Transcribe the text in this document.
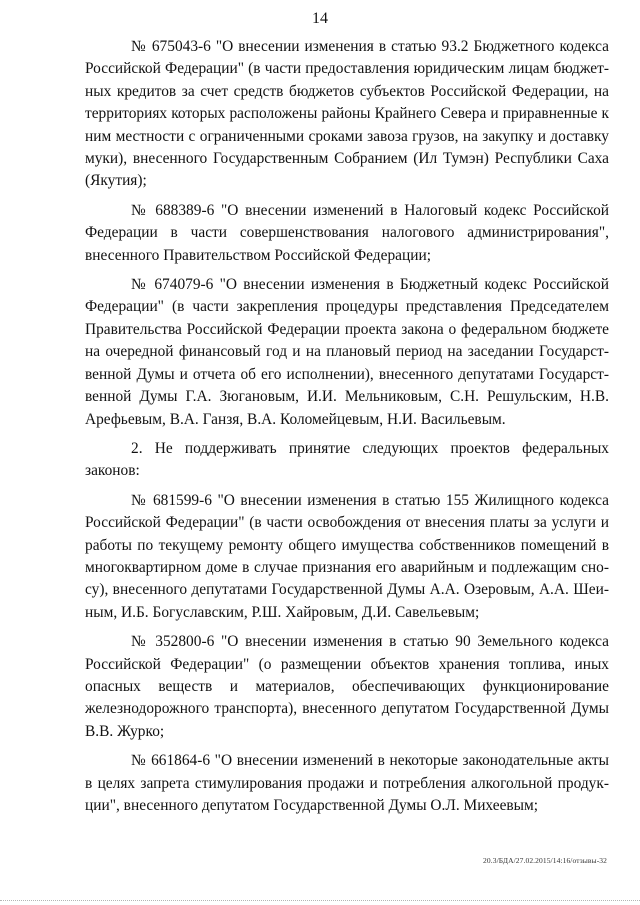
14

№ 675043-6 "О внесении изменения в статью 93.2 Бюджетного кодекса Российской Федерации" (в части предоставления юридическим лицам бюджетных кредитов за счет средств бюджетов субъектов Российской Федерации, на территориях которых расположены районы Крайнего Севера и приравненные к ним местности с ограниченными сроками завоза грузов, на закупку и доставку муки), внесенного Государственным Собранием (Ил Тумэн) Республики Саха (Якутия);

№ 688389-6 "О внесении изменений в Налоговый кодекс Российской Федерации в части совершенствования налогового администрирования", внесенного Правительством Российской Федерации;

№ 674079-6 "О внесении изменения в Бюджетный кодекс Российской Федерации" (в части закрепления процедуры представления Председателем Правительства Российской Федерации проекта закона о федеральном бюджете на очередной финансовый год и на плановый период на заседании Государственной Думы и отчета об его исполнении), внесенного депутатами Государственной Думы Г.А. Зюгановым, И.И. Мельниковым, С.Н. Решульским, Н.В. Арефьевым, В.А. Ганзя, В.А. Коломейцевым, Н.И. Васильевым.

2. Не поддерживать принятие следующих проектов федеральных законов:

№ 681599-6 "О внесении изменения в статью 155 Жилищного кодекса Российской Федерации" (в части освобождения от внесения платы за услуги и работы по текущему ремонту общего имущества собственников помещений в многоквартирном доме в случае признания его аварийным и подлежащим сносу), внесенного депутатами Государственной Думы А.А. Озеровым, А.А. Шеиным, И.Б. Богуславским, Р.Ш. Хайровым, Д.И. Савельевым;

№ 352800-6 "О внесении изменения в статью 90 Земельного кодекса Российской Федерации" (о размещении объектов хранения топлива, иных опасных веществ и материалов, обеспечивающих функционирование железнодорожного транспорта), внесенного депутатом Государственной Думы В.В. Журко;

№ 661864-6 "О внесении изменений в некоторые законодательные акты в целях запрета стимулирования продажи и потребления алкогольной продукции", внесенного депутатом Государственной Думы О.Л. Михеевым;

20.3/БДА/27.02.2015/14:16/отзывы-32
